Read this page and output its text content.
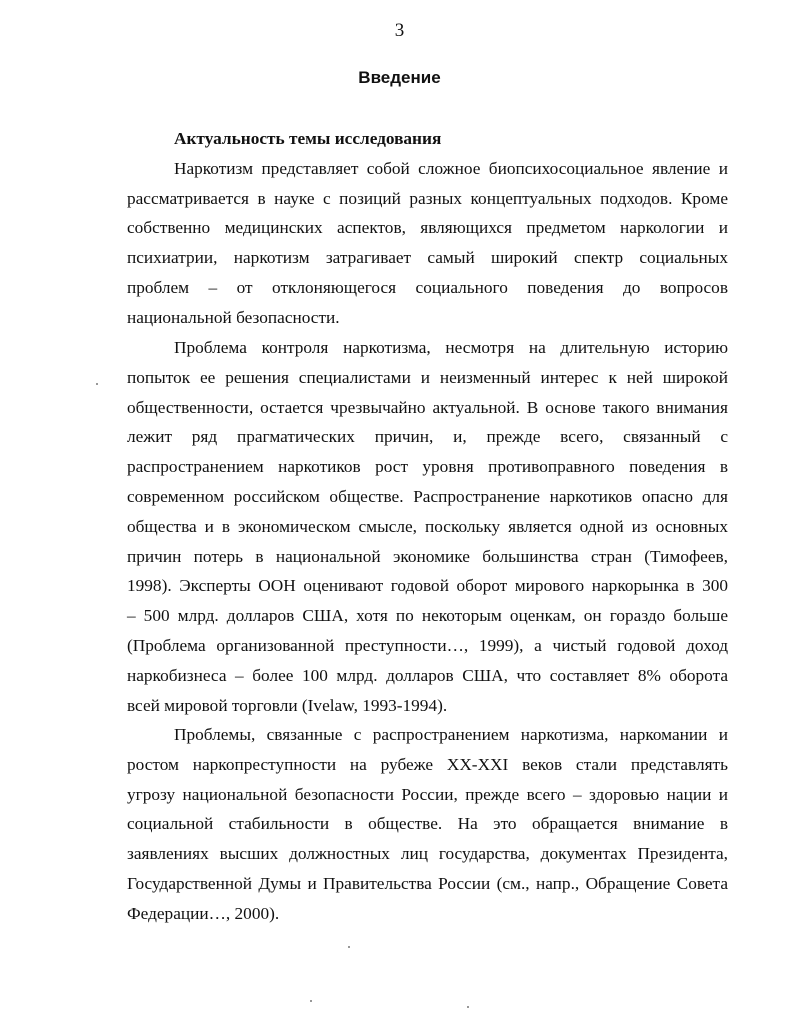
3
Введение
Актуальность темы исследования
Наркотизм представляет собой сложное биопсихосоциальное явление и
рассматривается в науке с позиций разных концептуальных подходов. Кроме
собственно медицинских аспектов, являющихся предметом наркологии и
психиатрии, наркотизм затрагивает самый широкий спектр социальных
проблем – от отклоняющегося социального поведения до вопросов
национальной безопасности.
Проблема контроля наркотизма, несмотря на длительную историю
попыток ее решения специалистами и неизменный интерес к ней широкой
общественности, остается чрезвычайно актуальной. В основе такого внимания
лежит ряд прагматических причин, и, прежде всего, связанный с
распространением наркотиков рост уровня противоправного поведения в
современном российском обществе. Распространение наркотиков опасно для
общества и в экономическом смысле, поскольку является одной из основных
причин потерь в национальной экономике большинства стран (Тимофеев,
1998). Эксперты ООН оценивают годовой оборот мирового наркорынка в 300
– 500 млрд. долларов США, хотя по некоторым оценкам, он гораздо больше
(Проблема организованной преступности…, 1999), а чистый годовой доход
наркобизнеса – более 100 млрд. долларов США, что составляет 8% оборота
всей мировой торговли (Ivelaw, 1993-1994).
Проблемы, связанные с распространением наркотизма, наркомании и
ростом наркопреступности на рубеже XX-XXI веков стали представлять
угрозу национальной безопасности России, прежде всего – здоровью нации и
социальной стабильности в обществе. На это обращается внимание в
заявлениях высших должностных лиц государства, документах Президента,
Государственной Думы и Правительства России (см., напр., Обращение Совета
Федерации…, 2000).
